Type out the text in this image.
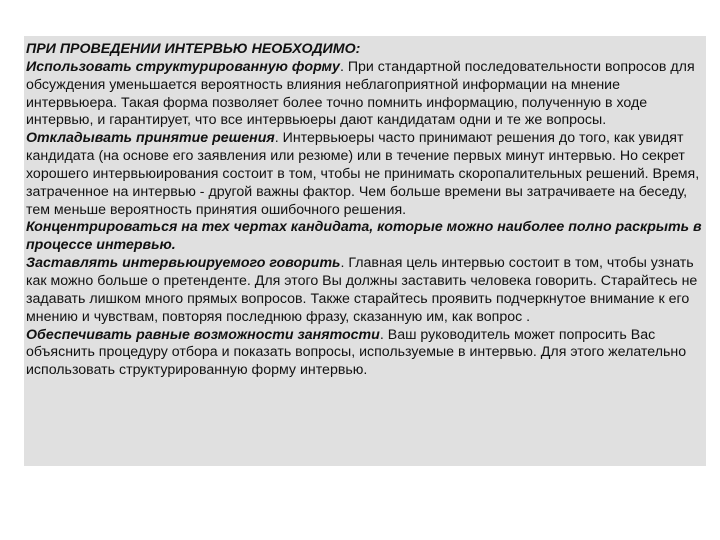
ПРИ ПРОВЕДЕНИИ ИНТЕРВЬЮ НЕОБХОДИМО:

Использовать структурированную форму. При стандартной последовательности вопросов для обсуждения уменьшается вероятность влияния неблагоприятной информации на мнение интервьюера. Такая форма позволяет более точно помнить информацию, полученную в ходе интервью, и гарантирует, что все интервьюеры дают кандидатам одни и те же вопросы.

Откладывать принятие решения. Интервьюеры часто принимают решения до того, как увидят кандидата (на основе его заявления или резюме) или в течение первых минут интервью. Но секрет хорошего интервьюирования состоит в том, чтобы не принимать скоропалительных решений. Время, затраченное на интервью - другой важны фактор. Чем больше времени вы затрачиваете на беседу, тем меньше вероятность принятия ошибочного решения.

Концентрироваться на тех чертах кандидата, которые можно наиболее полно раскрыть в процессе интервью.

Заставлять интервьюируемого говорить. Главная цель интервью состоит в том, чтобы узнать как можно больше о претенденте. Для этого Вы должны заставить человека говорить. Старайтесь не задавать лишком много прямых вопросов. Также старайтесь проявить подчеркнутое внимание к его мнению и чувствам, повторяя последнюю фразу, сказанную им, как вопрос .

Обеспечивать равные возможности занятости. Ваш руководитель может попросить Вас объяснить процедуру отбора и показать вопросы, используемые в интервью. Для этого желательно использовать структурированную форму интервью.
